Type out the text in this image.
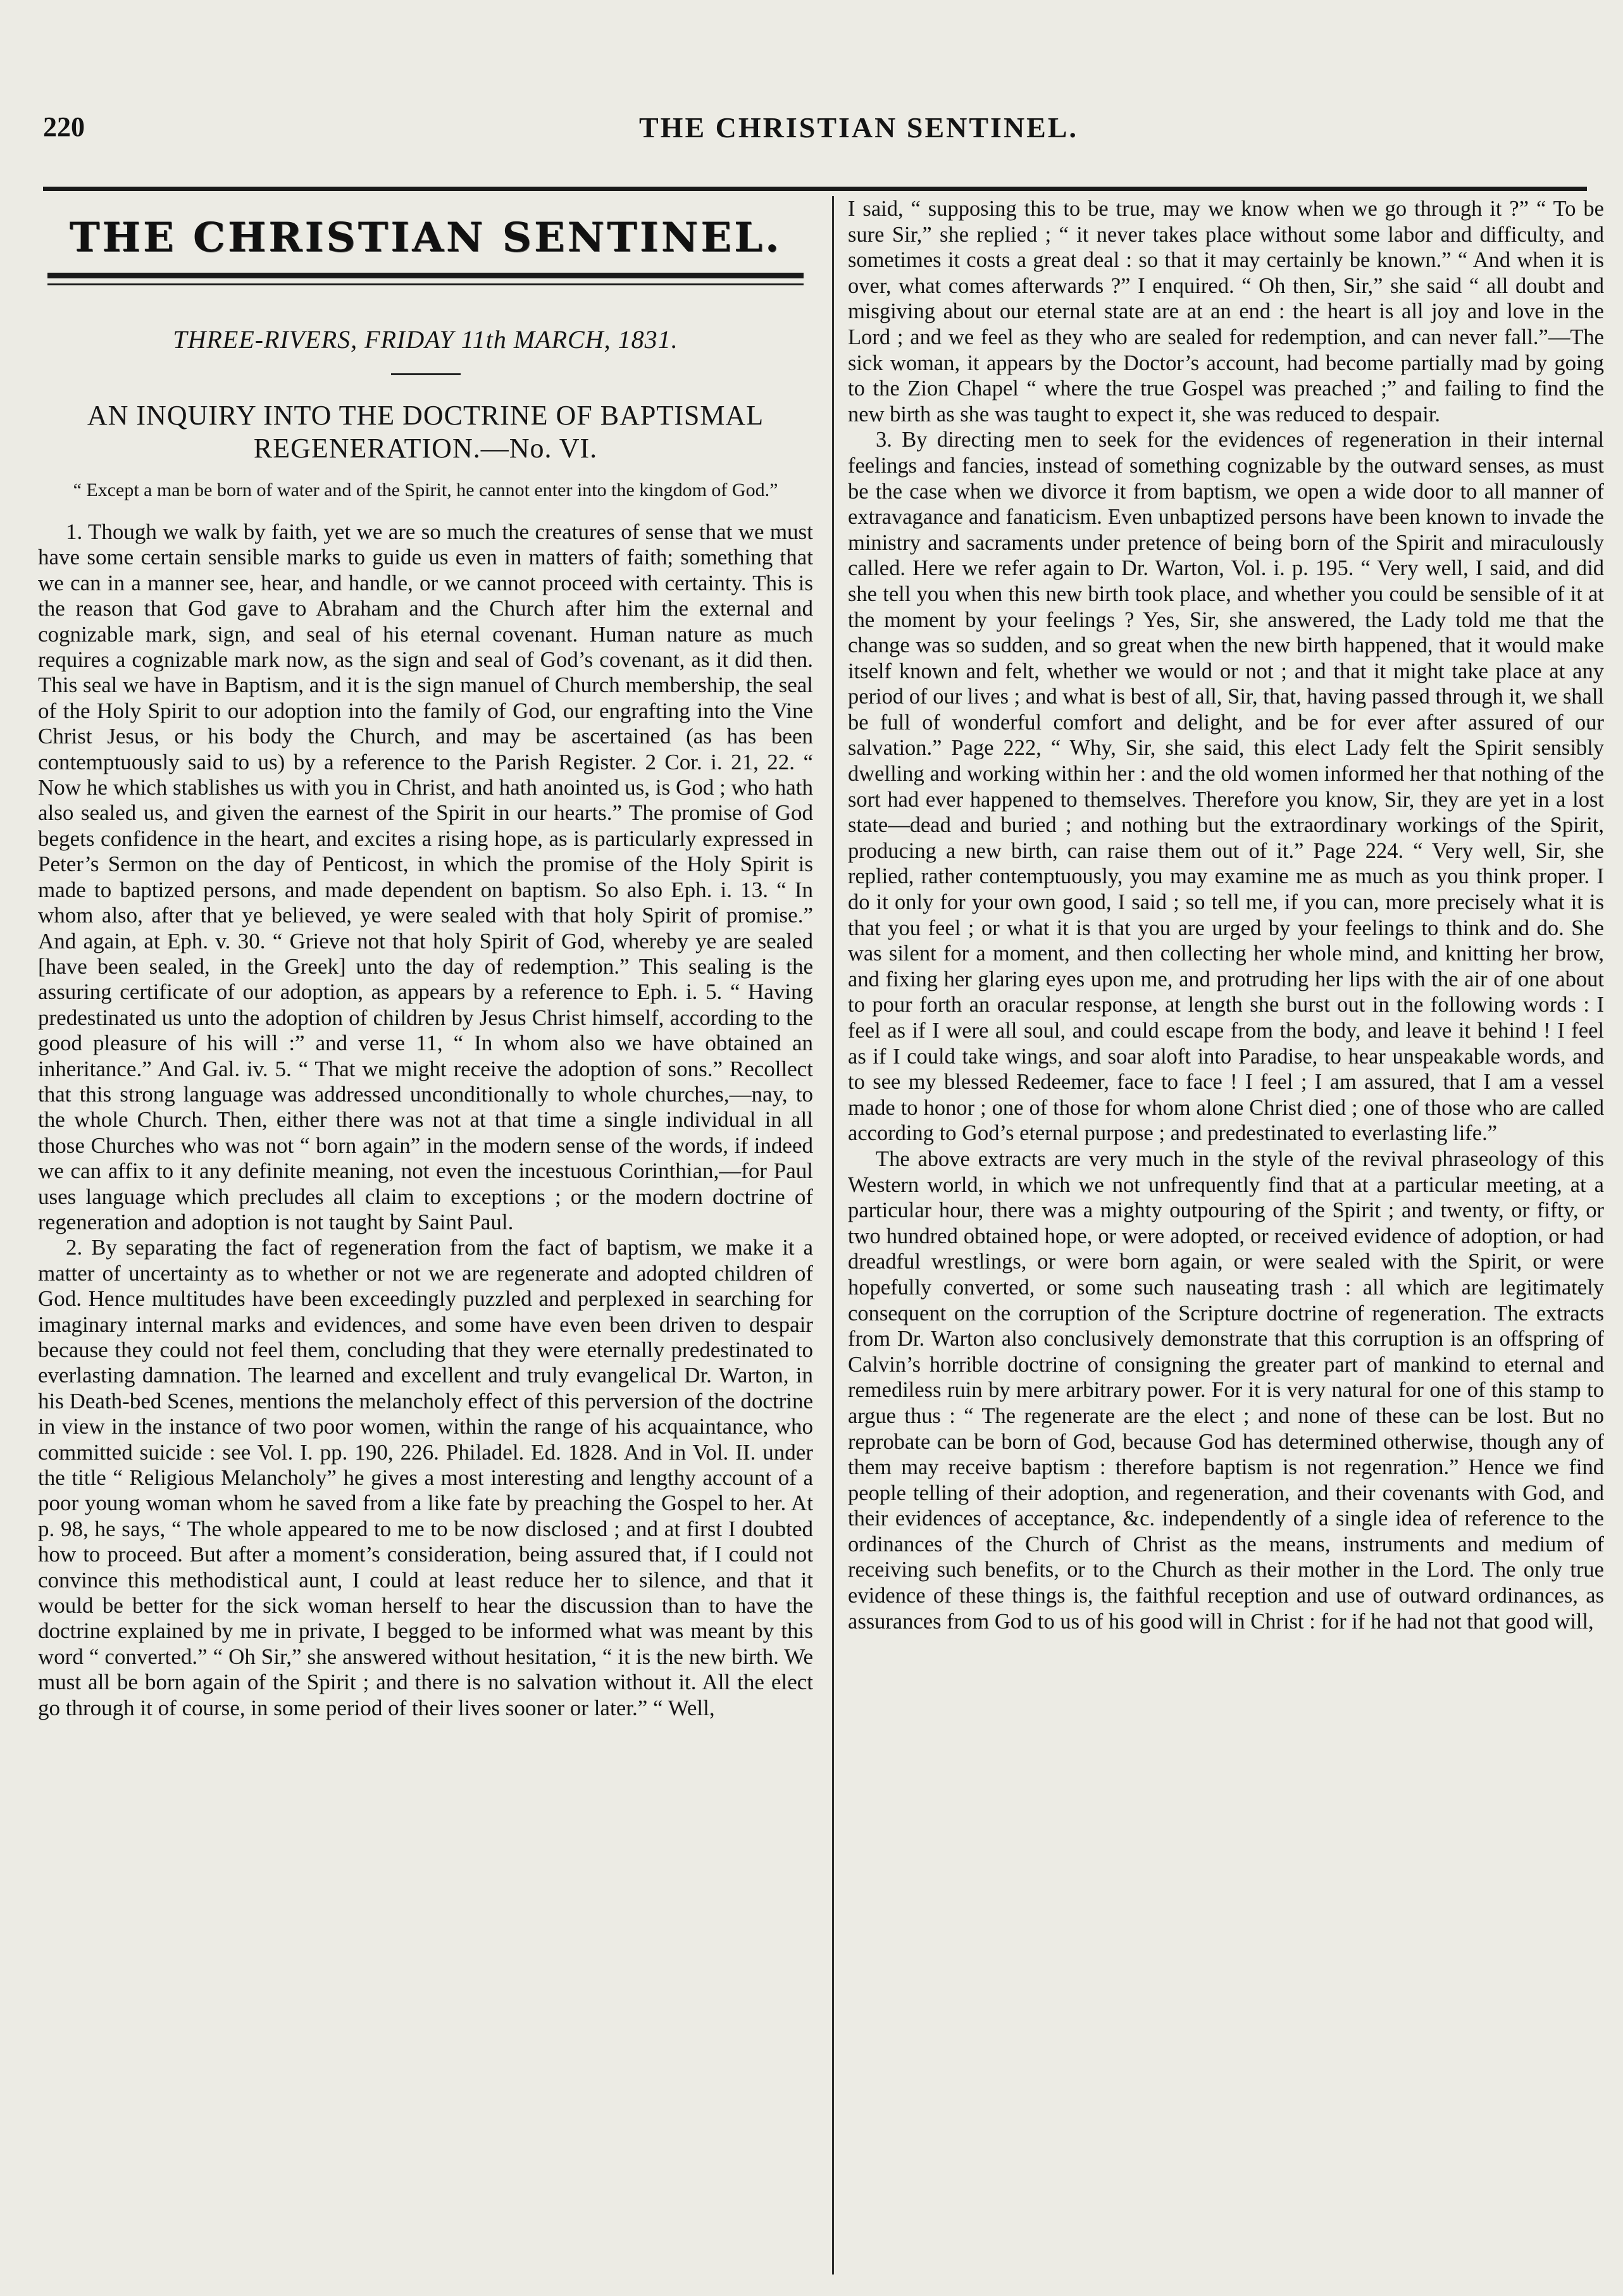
220	THE CHRISTIAN SENTINEL.
THE CHRISTIAN SENTINEL.
THREE-RIVERS, FRIDAY 11th MARCH, 1831.
AN INQUIRY INTO THE DOCTRINE OF BAPTISMAL REGENERATION.—No. VI.
“ Except a man be born of water and of the Spirit, he cannot enter into the kingdom of God.”

1. Though we walk by faith, yet we are so much the creatures of sense that we must have some certain sensible marks to guide us even in matters of faith; something that we can in a manner see, hear, and handle, or we cannot proceed with certainty. This is the reason that God gave to Abraham and the Church after him the external and cognizable mark, sign, and seal of his eternal covenant. Human nature as much requires a cognizable mark now, as the sign and seal of God’s covenant, as it did then. This seal we have in Baptism, and it is the sign manuel of Church membership, the seal of the Holy Spirit to our adoption into the family of God, our engrafting into the Vine Christ Jesus, or his body the Church, and may be ascertained (as has been contemptuously said to us) by a reference to the Parish Register. 2 Cor. i. 21, 22. “ Now he which stablishes us with you in Christ, and hath anointed us, is God ; who hath also sealed us, and given the earnest of the Spirit in our hearts.” The promise of God begets confidence in the heart, and excites a rising hope, as is particularly expressed in Peter’s Sermon on the day of Penticost, in which the promise of the Holy Spirit is made to baptized persons, and made dependent on baptism. So also Eph. i. 13. “ In whom also, after that ye believed, ye were sealed with that holy Spirit of promise.” And again, at Eph. v. 30. “ Grieve not that holy Spirit of God, whereby ye are sealed [have been sealed, in the Greek] unto the day of redemption.” This sealing is the assuring certificate of our adoption, as appears by a reference to Eph. i. 5. “ Having predestinated us unto the adoption of children by Jesus Christ himself, according to the good pleasure of his will :” and verse 11, “ In whom also we have obtained an inheritance.” And Gal. iv. 5. “ That we might receive the adoption of sons.” Recollect that this strong language was addressed unconditionally to whole churches,—nay, to the whole Church. Then, either there was not at that time a single individual in all those Churches who was not “ born again” in the modern sense of the words, if indeed we can affix to it any definite meaning, not even the incestuous Corinthian,—for Paul uses language which precludes all claim to exceptions ; or the modern doctrine of regeneration and adoption is not taught by Saint Paul.

2. By separating the fact of regeneration from the fact of baptism, we make it a matter of uncertainty as to whether or not we are regenerate and adopted children of God. Hence multitudes have been exceedingly puzzled and perplexed in searching for imaginary internal marks and evidences, and some have even been driven to despair because they could not feel them, concluding that they were eternally predestinated to everlasting damnation. The learned and excellent and truly evangelical Dr. Warton, in his Death-bed Scenes, mentions the melancholy effect of this perversion of the doctrine in view in the instance of two poor women, within the range of his acquaintance, who committed suicide : see Vol. I. pp. 190, 226. Philadel. Ed. 1828. And in Vol. II. under the title “ Religious Melancholy” he gives a most interesting and lengthy account of a poor young woman whom he saved from a like fate by preaching the Gospel to her. At p. 98, he says, “ The whole appeared to me to be now disclosed ; and at first I doubted how to proceed. But after a moment’s consideration, being assured that, if I could not convince this methodistical aunt, I could at least reduce her to silence, and that it would be better for the sick woman herself to hear the discussion than to have the doctrine explained by me in private, I begged to be informed what was meant by this word “ converted.” “ Oh Sir,” she answered without hesitation, “ it is the new birth. We must all be born again of the Spirit ; and there is no salvation without it. All the elect go through it of course, in some period of their lives sooner or later.” “ Well,

I said, “ supposing this to be true, may we know when we go through it ?” “ To be sure Sir,” she replied ; “ it never takes place without some labor and difficulty, and sometimes it costs a great deal : so that it may certainly be known.” “ And when it is over, what comes afterwards ?” I enquired. “ Oh then, Sir,” she said “ all doubt and misgiving about our eternal state are at an end : the heart is all joy and love in the Lord ; and we feel as they who are sealed for redemption, and can never fall.”—The sick woman, it appears by the Doctor’s account, had become partially mad by going to the Zion Chapel “ where the true Gospel was preached ;” and failing to find the new birth as she was taught to expect it, she was reduced to despair.

3. By directing men to seek for the evidences of regeneration in their internal feelings and fancies, instead of something cognizable by the outward senses, as must be the case when we divorce it from baptism, we open a wide door to all manner of extravagance and fanaticism. Even unbaptized persons have been known to invade the ministry and sacraments under pretence of being born of the Spirit and miraculously called. Here we refer again to Dr. Warton, Vol. i. p. 195. “ Very well, I said, and did she tell you when this new birth took place, and whether you could be sensible of it at the moment by your feelings ? Yes, Sir, she answered, the Lady told me that the change was so sudden, and so great when the new birth happened, that it would make itself known and felt, whether we would or not ; and that it might take place at any period of our lives ; and what is best of all, Sir, that, having passed through it, we shall be full of wonderful comfort and delight, and be for ever after assured of our salvation.” Page 222, “ Why, Sir, she said, this elect Lady felt the Spirit sensibly dwelling and working within her : and the old women informed her that nothing of the sort had ever happened to themselves. Therefore you know, Sir, they are yet in a lost state—dead and buried ; and nothing but the extraordinary workings of the Spirit, producing a new birth, can raise them out of it.” Page 224. “ Very well, Sir, she replied, rather contemptuously, you may examine me as much as you think proper. I do it only for your own good, I said ; so tell me, if you can, more precisely what it is that you feel ; or what it is that you are urged by your feelings to think and do. She was silent for a moment, and then collecting her whole mind, and knitting her brow, and fixing her glaring eyes upon me, and protruding her lips with the air of one about to pour forth an oracular response, at length she burst out in the following words : I feel as if I were all soul, and could escape from the body, and leave it behind ! I feel as if I could take wings, and soar aloft into Paradise, to hear unspeakable words, and to see my blessed Redeemer, face to face ! I feel ; I am assured, that I am a vessel made to honor ; one of those for whom alone Christ died ; one of those who are called according to God’s eternal purpose ; and predestinated to everlasting life.”

The above extracts are very much in the style of the revival phraseology of this Western world, in which we not unfrequently find that at a particular meeting, at a particular hour, there was a mighty outpouring of the Spirit ; and twenty, or fifty, or two hundred obtained hope, or were adopted, or received evidence of adoption, or had dreadful wrestlings, or were born again, or were sealed with the Spirit, or were hopefully converted, or some such nauseating trash : all which are legitimately consequent on the corruption of the Scripture doctrine of regeneration. The extracts from Dr. Warton also conclusively demonstrate that this corruption is an offspring of Calvin’s horrible doctrine of consigning the greater part of mankind to eternal and remediless ruin by mere arbitrary power. For it is very natural for one of this stamp to argue thus : “ The regenerate are the elect ; and none of these can be lost. But no reprobate can be born of God, because God has determined otherwise, though any of them may receive baptism : therefore baptism is not regenration.” Hence we find people telling of their adoption, and regeneration, and their covenants with God, and their evidences of acceptance, &c. independently of a single idea of reference to the ordinances of the Church of Christ as the means, instruments and medium of receiving such benefits, or to the Church as their mother in the Lord. The only true evidence of these things is, the faithful reception and use of outward ordinances, as assurances from God to us of his good will in Christ : for if he had not that good will,
